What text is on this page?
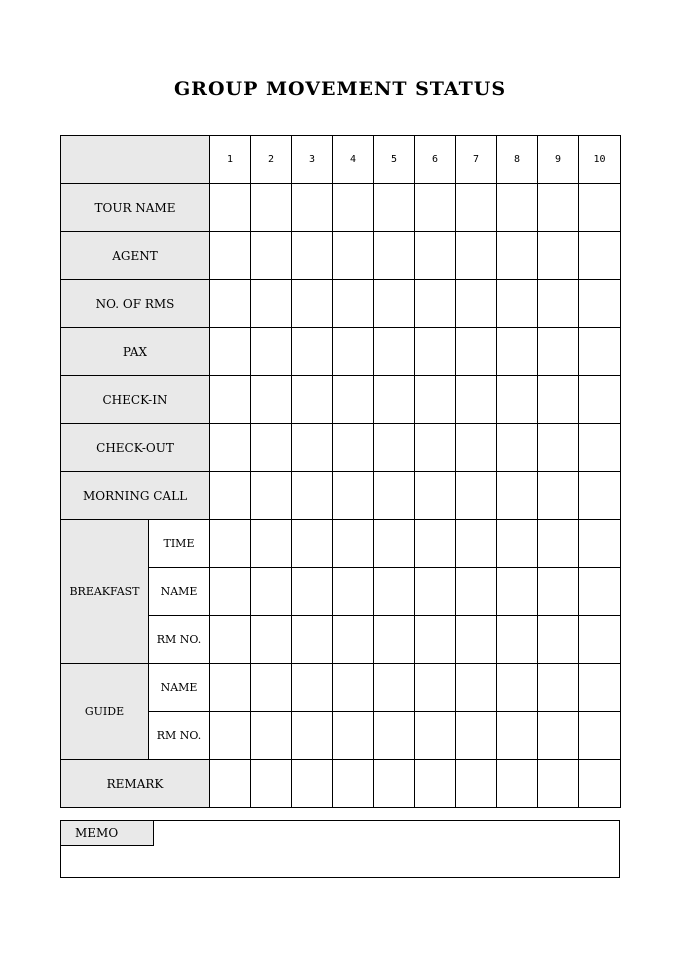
GROUP MOVEMENT STATUS
		1	2	3	4	5	6	7	8	9	10
TOUR NAME											
AGENT											
NO. OF RMS											
PAX											
CHECK-IN											
CHECK-OUT											
MORNING CALL											
BREAKFAST	TIME										
	NAME										
	RM NO.										
GUIDE	NAME										
	RM NO.										
REMARK											
MEMO
